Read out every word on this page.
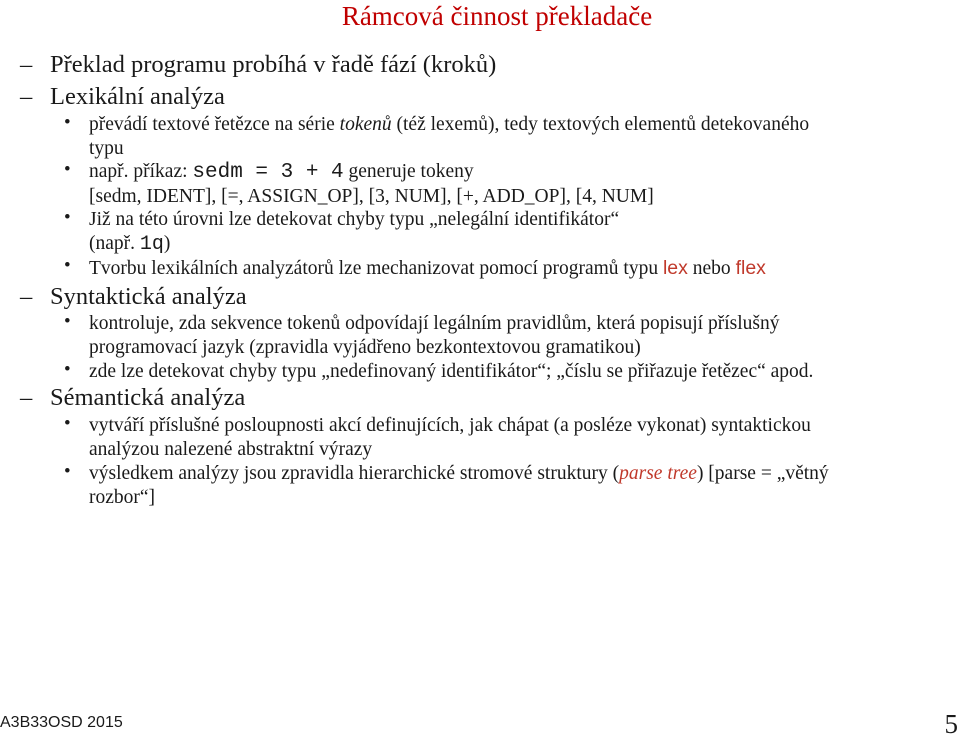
Rámcová činnost překladače
– Překlad programu probíhá v řadě fází (kroků)
– Lexikální analýza
• převádí textové řetězce na série tokenů (též lexemů), tedy textových elementů detekovaného
typu
• např. příkaz: sedm = 3 + 4 generuje tokeny
[sedm, IDENT], [=, ASSIGN_OP], [3, NUM], [+, ADD_OP], [4, NUM]
• Již na této úrovni lze detekovat chyby typu „nelegální identifikátor“
(např. 1q)
• Tvorbu lexikálních analyzátorů lze mechanizovat pomocí programů typu lex nebo flex
– Syntaktická analýza
• kontroluje, zda sekvence tokenů odpovídají legálním pravidlům, která popisují příslušný
programovací jazyk (zpravidla vyjádřeno bezkontextovou gramatikou)
• zde lze detekovat chyby typu „nedefinovaný identifikátor“; „číslu se přiřazuje řetězec“ apod.
– Sémantická analýza
• vytváří příslušné posloupnosti akcí definujících, jak chápat (a posléze vykonat) syntaktickou
analýzou nalezené abstraktní výrazy
• výsledkem analýzy jsou zpravidla hierarchické stromové struktury (parse tree) [parse = „větný
rozbor“]
A3B33OSD 2015	5
